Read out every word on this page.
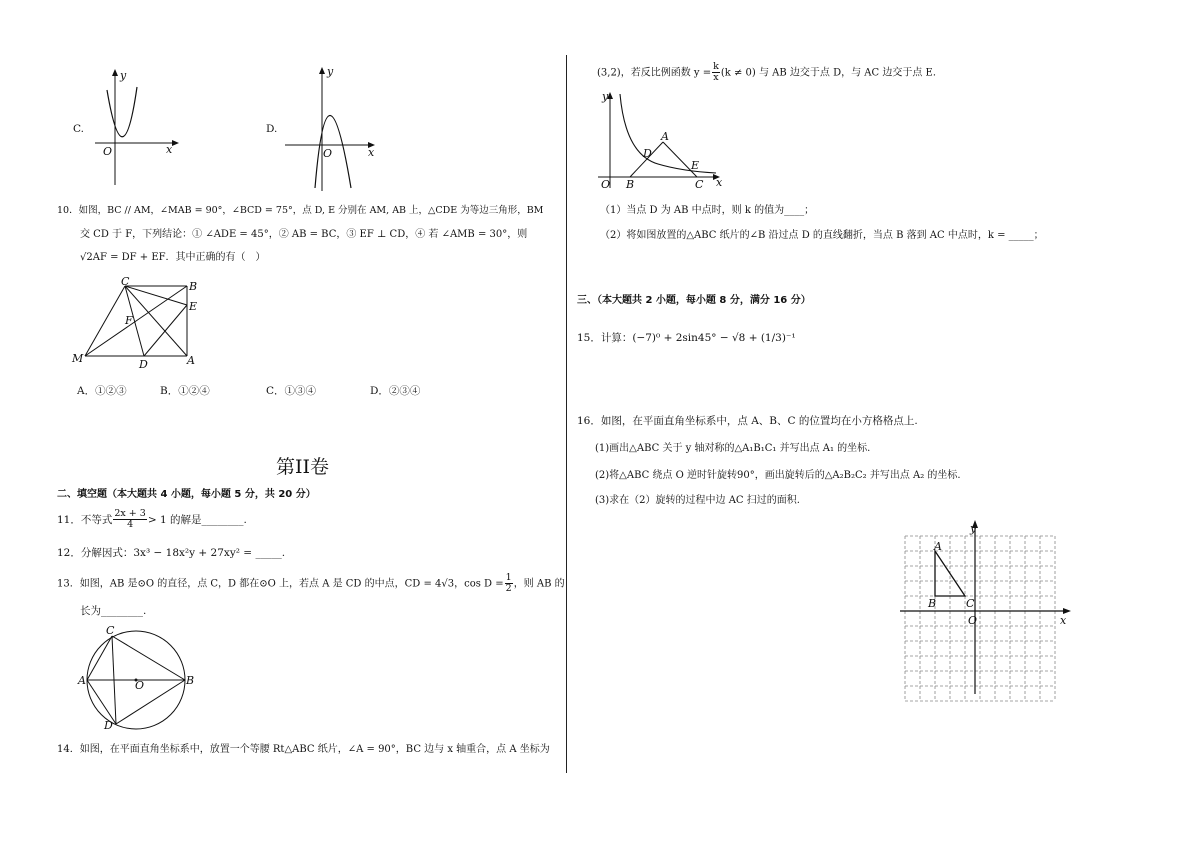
C.
y
x
O
D.
y
x
O
10．如图，BC // AM，∠MAB = 90°，∠BCD = 75°，点 D, E 分别在 AM, AB 上，△CDE 为等边三角形，BM
交 CD 于 F，下列结论：① ∠ADE = 45°，② AB = BC，③ EF ⊥ CD，④ 若 ∠AMB = 30°，则
√2AF = DF + EF．其中正确的有（　）
C	B
E
F
M	D	A
A．①②③	B．①②④	C．①③④	D．②③④
第II卷
二、填空题（本大题共 4 小题，每小题 5 分，共 20 分）
11．不等式 $\frac{2x + 3}{4} > 1$ 的解是________.
12．分解因式：3x³ − 18x²y + 27xy² = _____.
13．如图，AB 是⊙O 的直径，点 C，D 都在⊙O 上，若点 A 是 CD 的中点，CD = 4√3，$\cos D = \frac{1}{2}$ ，则 AB 的
长为________.
C
A	O	B
D
14．如图，在平面直角坐标系中，放置一个等腰 Rt△ABC 纸片，∠A = 90°，BC 边与 x 轴重合，点 A 坐标为
(3,2)，若反比例函数 $y = \frac{k}{x} (k \ne 0)$ 与 AB 边交于点 D，与 AC 边交于点 E．
y
x
O B
A
D
E
C
（1）当点 D 为 AB 中点时，则 k 的值为____；
（2）将如图放置的△ABC 纸片的∠B 沿过点 D 的直线翻折，当点 B 落到 AC 中点时，k = _____；
三、（本大题共 2 小题，每小题 8 分，满分 16 分）
15．计算：(−7)⁰ + 2sin45° − √8 + (1/3)⁻¹
16．如图，在平面直角坐标系中，点 A、B、C 的位置均在小方格格点上.
(1)画出△ABC 关于 y 轴对称的△A₁B₁C₁ 并写出点 A₁ 的坐标.
(2)将△ABC 绕点 O 逆时针旋转90°，画出旋转后的△A₂B₂C₂ 并写出点 A₂ 的坐标.
(3)求在（2）旋转的过程中边 AC 扫过的面积.
y
x
O
A
B	C
